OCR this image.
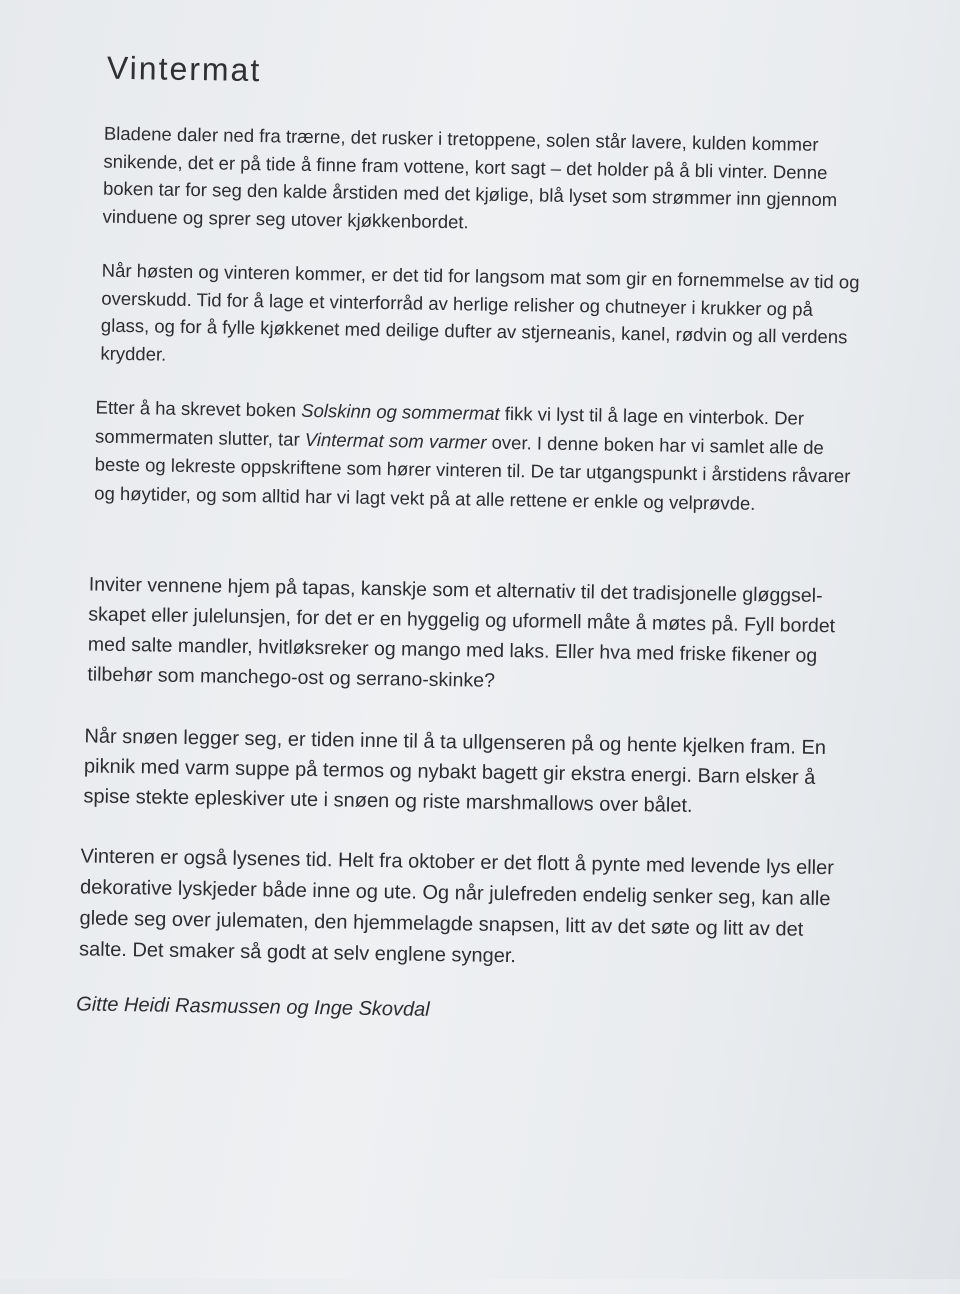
Vintermat

Bladene daler ned fra trærne, det rusker i tretoppene, solen står lavere, kulden kommer snikende, det er på tide å finne fram vottene, kort sagt – det holder på å bli vinter. Denne boken tar for seg den kalde årstiden med det kjølige, blå lyset som strømmer inn gjennom vinduene og sprer seg utover kjøkkenbordet.

Når høsten og vinteren kommer, er det tid for langsom mat som gir en fornemmelse av tid og overskudd. Tid for å lage et vinterforråd av herlige relisher og chutneyer i krukker og på glass, og for å fylle kjøkkenet med deilige dufter av stjerneanis, kanel, rødvin og all verdens krydder.

Etter å ha skrevet boken Solskinn og sommermat fikk vi lyst til å lage en vinterbok. Der sommermaten slutter, tar Vintermat som varmer over. I denne boken har vi samlet alle de beste og lekreste oppskriftene som hører vinteren til. De tar utgangspunkt i årstidens råvarer og høytider, og som alltid har vi lagt vekt på at alle rettene er enkle og velprøvde.

Inviter vennene hjem på tapas, kanskje som et alternativ til det tradisjonelle gløggsel-skapet eller julelunsjen, for det er en hyggelig og uformell måte å møtes på. Fyll bordet med salte mandler, hvitløksreker og mango med laks. Eller hva med friske fikener og tilbehør som manchego-ost og serrano-skinke?

Når snøen legger seg, er tiden inne til å ta ullgenseren på og hente kjelken fram. En piknik med varm suppe på termos og nybakt bagett gir ekstra energi. Barn elsker å spise stekte epleskiver ute i snøen og riste marshmallows over bålet.

Vinteren er også lysenes tid. Helt fra oktober er det flott å pynte med levende lys eller dekorative lyskjeder både inne og ute. Og når julefreden endelig senker seg, kan alle glede seg over julematen, den hjemmelagde snapsen, litt av det søte og litt av det salte. Det smaker så godt at selv englene synger.

Gitte Heidi Rasmussen og Inge Skovdal
